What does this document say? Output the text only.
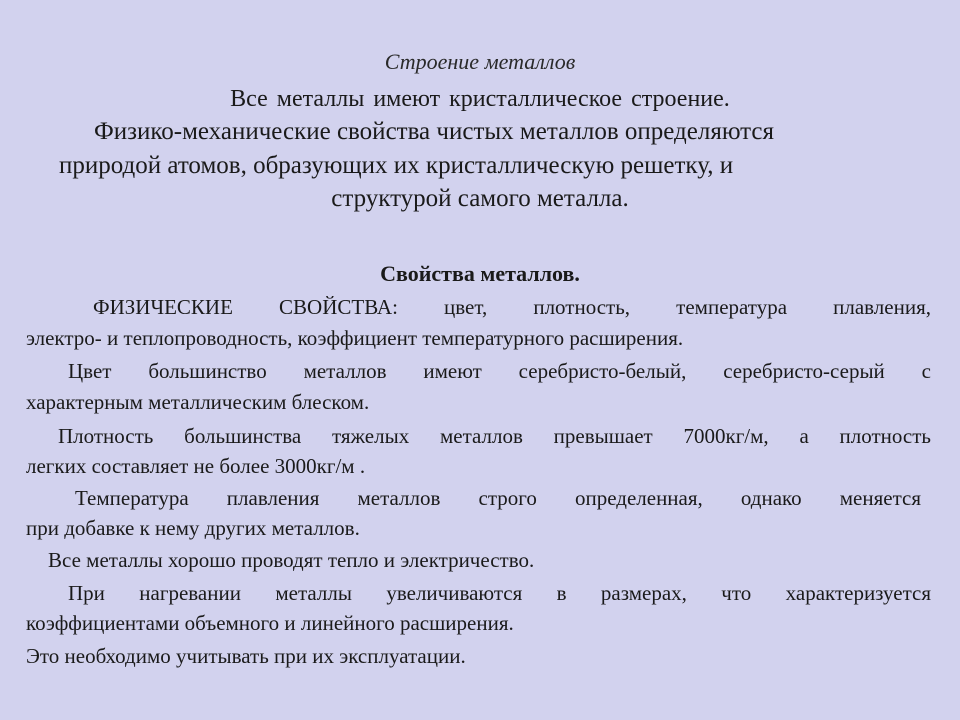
Строение металлов
Все металлы имеют кристаллическое строение.
Физико-механические свойства чистых металлов определяются
природой атомов, образующих их кристаллическую решетку, и
структурой самого металла.
Свойства металлов.
ФИЗИЧЕСКИЕ СВОЙСТВА: цвет, плотность, температура плавления,
электро- и теплопроводность, коэффициент температурного расширения.
Цвет большинство металлов имеют серебристо-белый, серебристо-серый с
характерным металлическим блеском.
Плотность большинства тяжелых металлов превышает 7000кг/м, а плотность
легких составляет не более 3000кг/м .
Температура плавления металлов строго определенная, однако меняется
при добавке к нему других металлов.
Все металлы хорошо проводят тепло и электричество.
При нагревании металлы увеличиваются в размерах, что характеризуется
коэффициентами объемного и линейного расширения.
Это необходимо учитывать при их эксплуатации.
